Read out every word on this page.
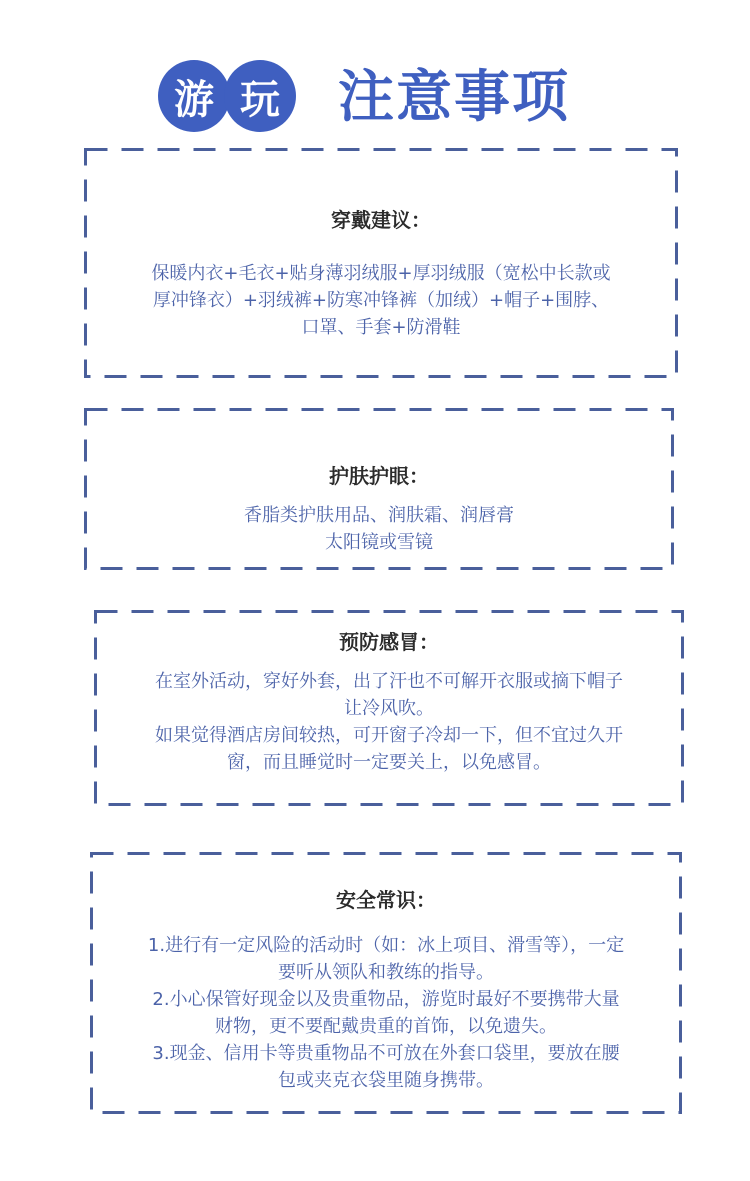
游 玩 注意事项
穿戴建议：
保暖内衣+毛衣+贴身薄羽绒服+厚羽绒服（宽松中长款或
厚冲锋衣）+羽绒裤+防寒冲锋裤（加绒）+帽子+围脖、
口罩、手套+防滑鞋
护肤护眼：
香脂类护肤用品、润肤霜、润唇膏
太阳镜或雪镜
预防感冒：
在室外活动，穿好外套，出了汗也不可解开衣服或摘下帽子
让冷风吹。
如果觉得酒店房间较热，可开窗子冷却一下，但不宜过久开
窗，而且睡觉时一定要关上，以免感冒。
安全常识：
1.进行有一定风险的活动时（如：冰上项目、滑雪等），一定
要听从领队和教练的指导。
2.小心保管好现金以及贵重物品，游览时最好不要携带大量
财物，更不要配戴贵重的首饰，以免遗失。
3.现金、信用卡等贵重物品不可放在外套口袋里，要放在腰
包或夹克衣袋里随身携带。
